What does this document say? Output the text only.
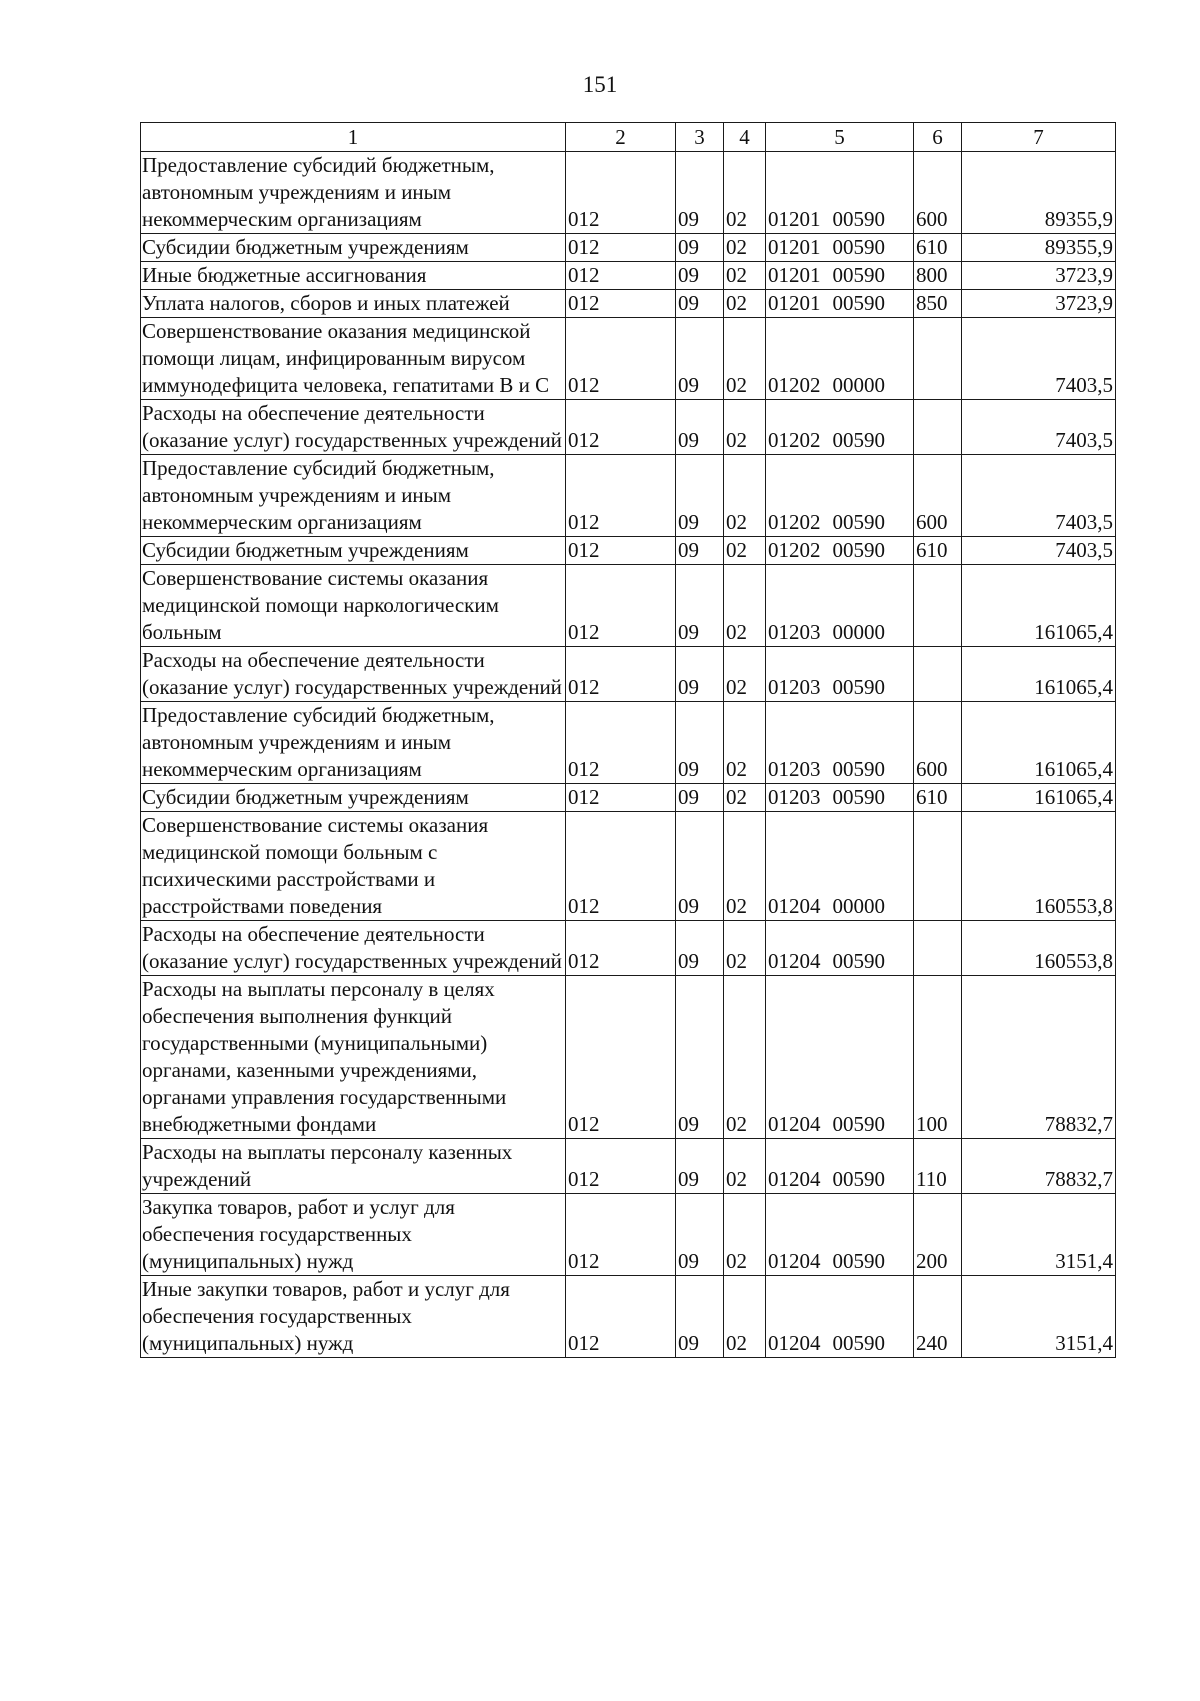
151
1	2	3	4	5	6	7
Предоставление субсидий бюджетным, автономным учреждениям и иным некоммерческим организациям	012	09	02	01201 00590	600	89355,9
Субсидии бюджетным учреждениям	012	09	02	01201 00590	610	89355,9
Иные бюджетные ассигнования	012	09	02	01201 00590	800	3723,9
Уплата налогов, сборов и иных платежей	012	09	02	01201 00590	850	3723,9
Совершенствование оказания медицинской помощи лицам, инфицированным вирусом иммунодефицита человека, гепатитами В и С	012	09	02	01202 00000		7403,5
Расходы на обеспечение деятельности (оказание услуг) государственных учреждений	012	09	02	01202 00590		7403,5
Предоставление субсидий бюджетным, автономным учреждениям и иным некоммерческим организациям	012	09	02	01202 00590	600	7403,5
Субсидии бюджетным учреждениям	012	09	02	01202 00590	610	7403,5
Совершенствование системы оказания медицинской помощи наркологическим больным	012	09	02	01203 00000		161065,4
Расходы на обеспечение деятельности (оказание услуг) государственных учреждений	012	09	02	01203 00590		161065,4
Предоставление субсидий бюджетным, автономным учреждениям и иным некоммерческим организациям	012	09	02	01203 00590	600	161065,4
Субсидии бюджетным учреждениям	012	09	02	01203 00590	610	161065,4
Совершенствование системы оказания медицинской помощи больным с психическими расстройствами и расстройствами поведения	012	09	02	01204 00000		160553,8
Расходы на обеспечение деятельности (оказание услуг) государственных учреждений	012	09	02	01204 00590		160553,8
Расходы на выплаты персоналу в целях обеспечения выполнения функций государственными (муниципальными) органами, казенными учреждениями, органами управления государственными внебюджетными фондами	012	09	02	01204 00590	100	78832,7
Расходы на выплаты персоналу казенных учреждений	012	09	02	01204 00590	110	78832,7
Закупка товаров, работ и услуг для обеспечения государственных (муниципальных) нужд	012	09	02	01204 00590	200	3151,4
Иные закупки товаров, работ и услуг для обеспечения государственных (муниципальных) нужд	012	09	02	01204 00590	240	3151,4
